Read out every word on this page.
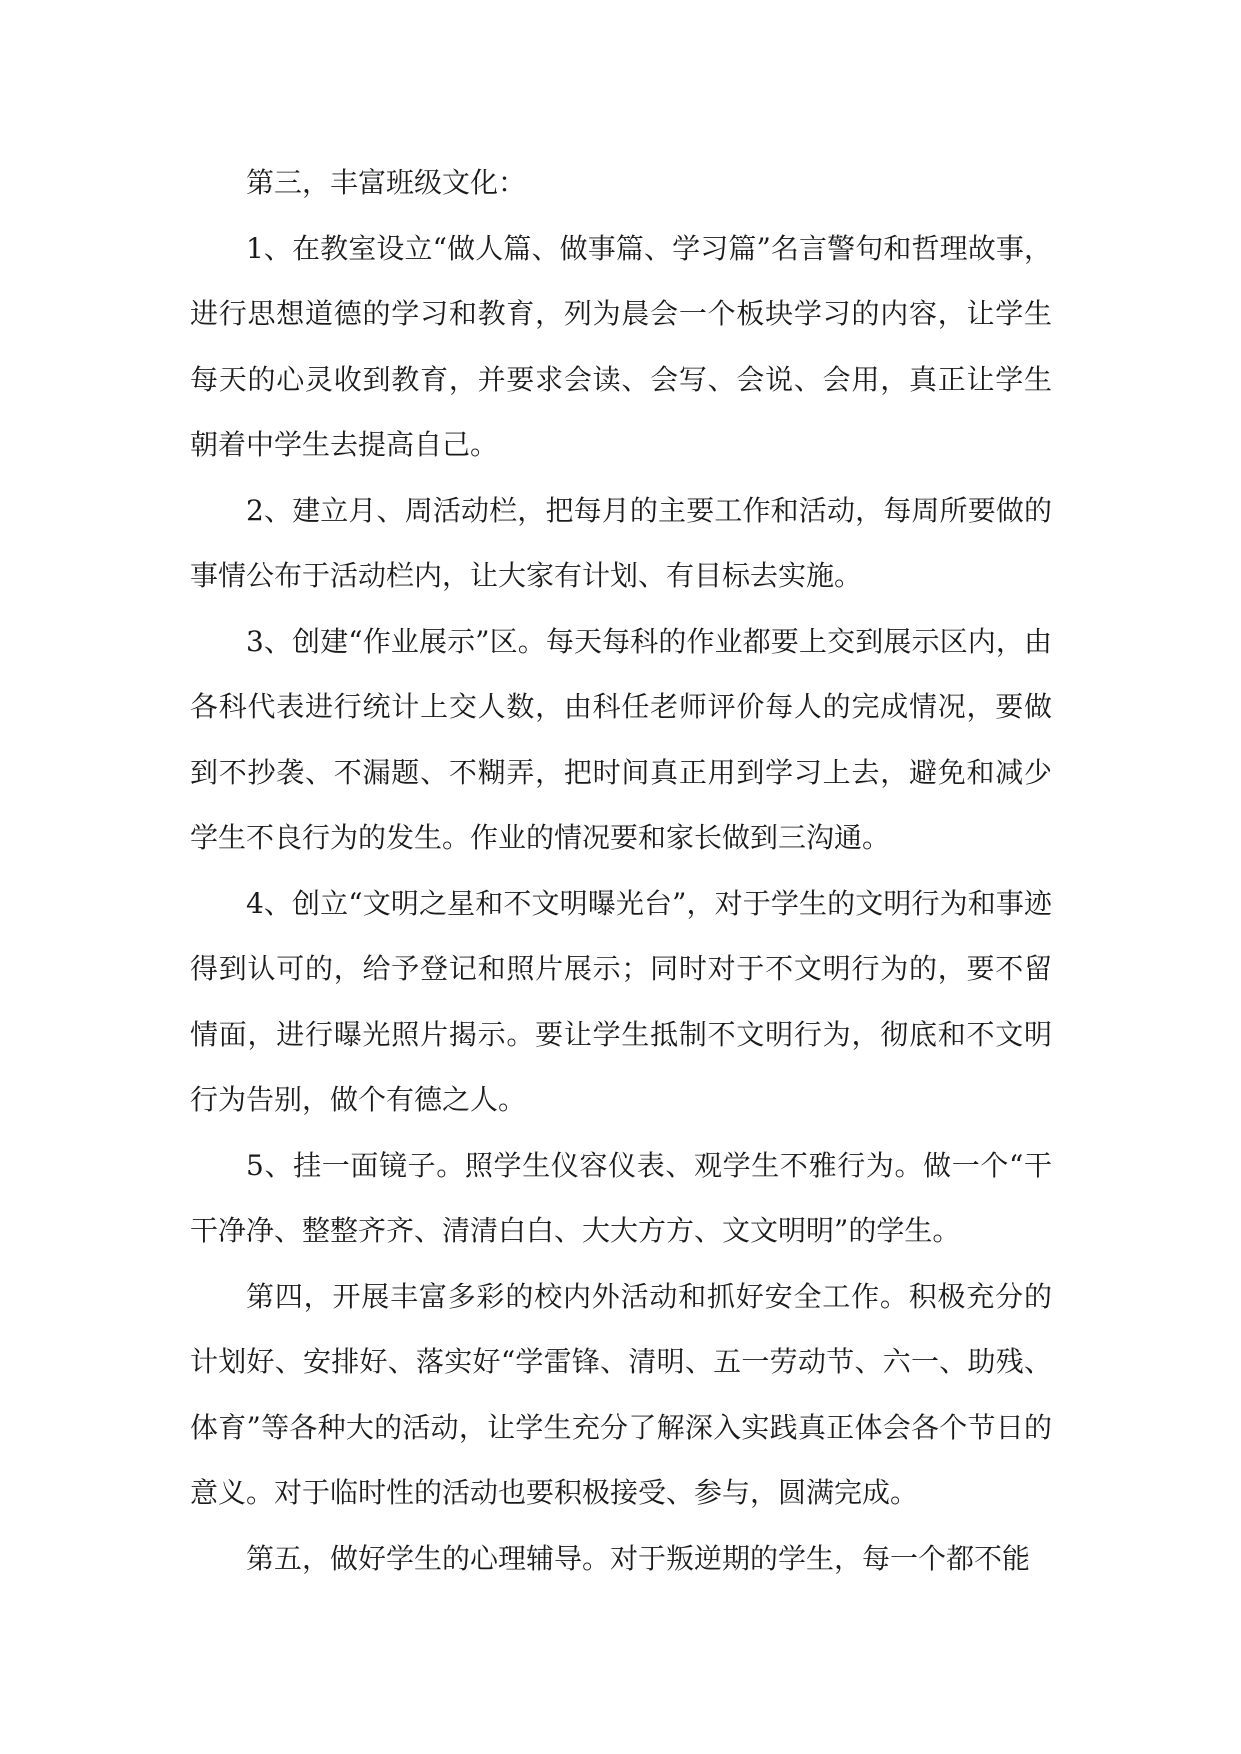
第三，丰富班级文化：

1、在教室设立“做人篇、做事篇、学习篇”名言警句和哲理故事，进行思想道德的学习和教育，列为晨会一个板块学习的内容，让学生每天的心灵收到教育，并要求会读、会写、会说、会用，真正让学生朝着中学生去提高自己。

2、建立月、周活动栏，把每月的主要工作和活动，每周所要做的事情公布于活动栏内，让大家有计划、有目标去实施。

3、创建“作业展示”区。每天每科的作业都要上交到展示区内，由各科代表进行统计上交人数，由科任老师评价每人的完成情况，要做到不抄袭、不漏题、不糊弄，把时间真正用到学习上去，避免和减少学生不良行为的发生。作业的情况要和家长做到三沟通。

4、创立“文明之星和不文明曝光台”，对于学生的文明行为和事迹得到认可的，给予登记和照片展示；同时对于不文明行为的，要不留情面，进行曝光照片揭示。要让学生抵制不文明行为，彻底和不文明行为告别，做个有德之人。

5、挂一面镜子。照学生仪容仪表、观学生不雅行为。做一个“干干净净、整整齐齐、清清白白、大大方方、文文明明”的学生。

第四，开展丰富多彩的校内外活动和抓好安全工作。积极充分的计划好、安排好、落实好“学雷锋、清明、五一劳动节、六一、助残、体育”等各种大的活动，让学生充分了解深入实践真正体会各个节日的意义。对于临时性的活动也要积极接受、参与，圆满完成。

第五，做好学生的心理辅导。对于叛逆期的学生，每一个都不能
